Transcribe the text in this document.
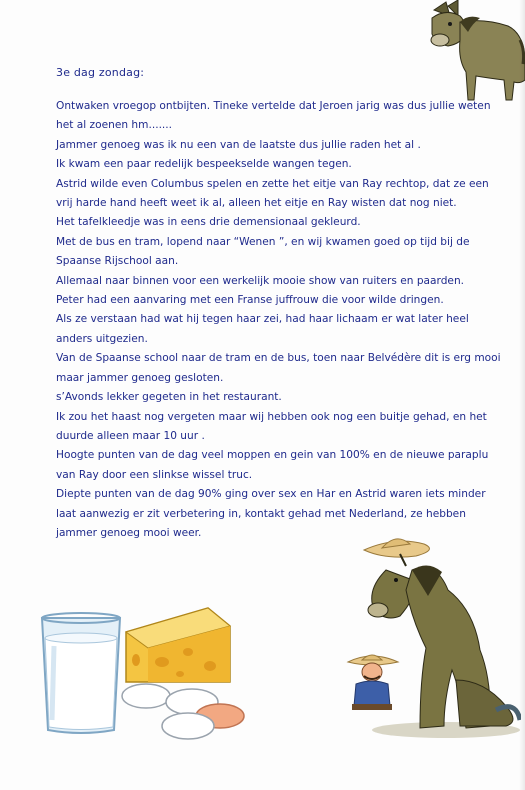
3e dag zondag:

Ontwaken vroegop ontbijten. Tineke vertelde dat Jeroen jarig was dus jullie weten

het al zoenen hm.......

Jammer genoeg was ik nu een van de laatste dus jullie raden het al .

Ik kwam een paar redelijk bespeekselde wangen tegen.

Astrid wilde even Columbus spelen en zette het eitje van Ray rechtop, dat ze een

vrij harde hand heeft weet ik al, alleen het eitje en Ray wisten dat nog niet.

Het tafelkleedje was in eens drie demensionaal gekleurd.

Met de bus en tram, lopend naar “Wenen ”, en wij kwamen goed op tijd bij de

Spaanse Rijschool aan.

Allemaal naar binnen voor een werkelijk mooie show van ruiters en paarden.

Peter had een aanvaring met een Franse juffrouw die voor wilde dringen.

Als ze verstaan had wat hij tegen haar zei, had haar lichaam er wat later heel

anders uitgezien.

Van de Spaanse school naar de tram en de bus, toen naar Belvédère dit is erg mooi

maar jammer genoeg gesloten.

s’Avonds lekker gegeten in het restaurant.

Ik zou het haast nog vergeten maar wij hebben ook nog een buitje gehad, en het

duurde alleen maar 10 uur .

Hoogte punten van de dag veel moppen en gein van 100% en de nieuwe paraplu

van Ray door een slinkse wissel truc.

Diepte punten van de dag 90% ging over sex en Har en Astrid waren iets minder

laat aanwezig er zit verbetering in, kontakt gehad met Nederland, ze hebben

jammer genoeg mooi weer.
